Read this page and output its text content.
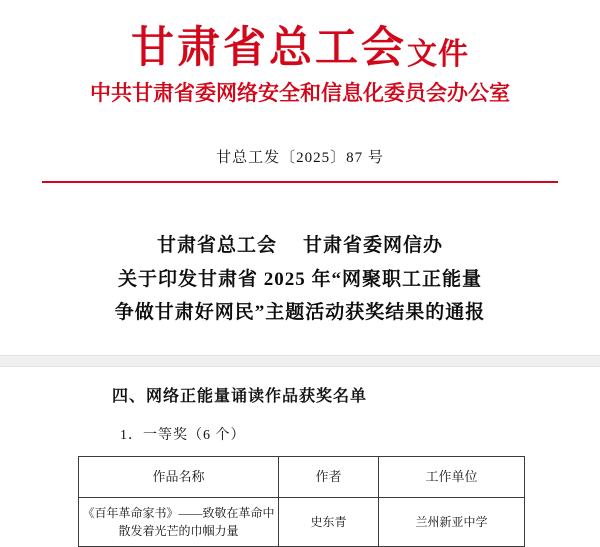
甘肃省总工会文件
中共甘肃省委网络安全和信息化委员会办公室
甘总工发〔2025〕87 号
甘肃省总工会 甘肃省委网信办
关于印发甘肃省 2025 年“网聚职工正能量
争做甘肃好网民”主题活动获奖结果的通报
四、网络正能量诵读作品获奖名单
1．一等奖（6 个）
作品名称	作者	工作单位
《百年革命家书》——致敬在革命中散发着光芒的巾帼力量	史东青	兰州新亚中学
